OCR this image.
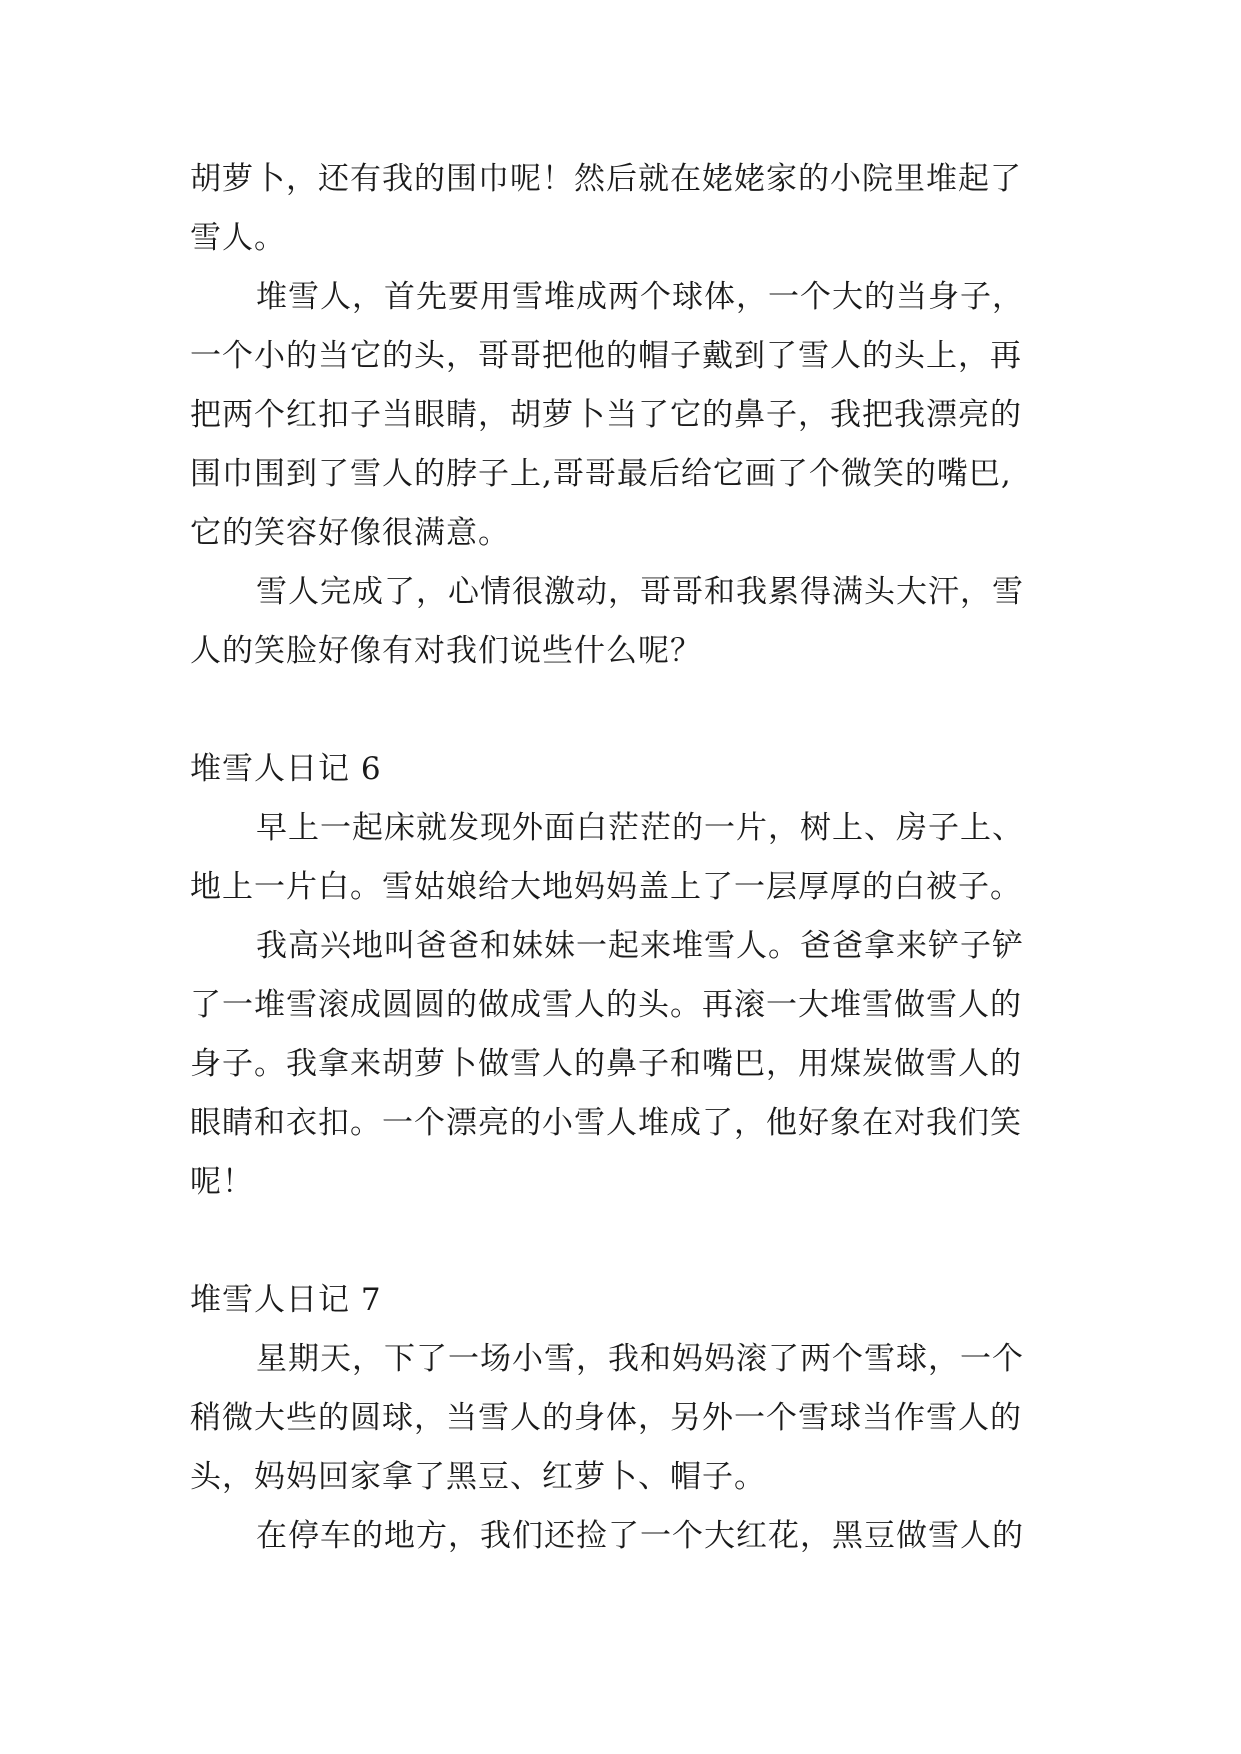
胡萝卜，还有我的围巾呢！然后就在姥姥家的小院里堆起了
雪人。
堆雪人，首先要用雪堆成两个球体，一个大的当身子，
一个小的当它的头，哥哥把他的帽子戴到了雪人的头上，再
把两个红扣子当眼睛，胡萝卜当了它的鼻子，我把我漂亮的
围巾围到了雪人的脖子上,哥哥最后给它画了个微笑的嘴巴,
它的笑容好像很满意。
雪人完成了，心情很激动，哥哥和我累得满头大汗，雪
人的笑脸好像有对我们说些什么呢？
堆雪人日记 6
早上一起床就发现外面白茫茫的一片，树上、房子上、
地上一片白。雪姑娘给大地妈妈盖上了一层厚厚的白被子。
我高兴地叫爸爸和妹妹一起来堆雪人。爸爸拿来铲子铲
了一堆雪滚成圆圆的做成雪人的头。再滚一大堆雪做雪人的
身子。我拿来胡萝卜做雪人的鼻子和嘴巴，用煤炭做雪人的
眼睛和衣扣。一个漂亮的小雪人堆成了，他好象在对我们笑
呢！
堆雪人日记 7
星期天，下了一场小雪，我和妈妈滚了两个雪球，一个
稍微大些的圆球，当雪人的身体，另外一个雪球当作雪人的
头，妈妈回家拿了黑豆、红萝卜、帽子。
在停车的地方，我们还捡了一个大红花，黑豆做雪人的
